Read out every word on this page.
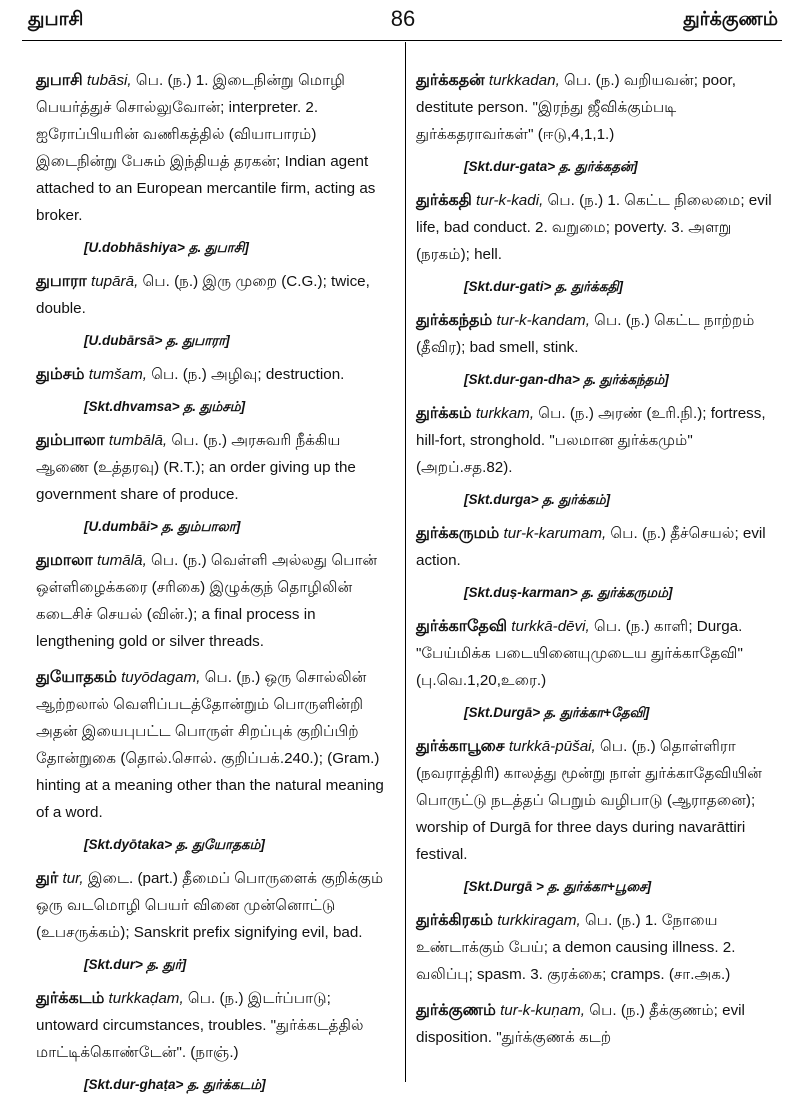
துபாசி	86	துர்க்குணம்
துபாசி tubāsi, பெ. (ந.) 1. இடைநின்று மொழி பெயர்த்துச் சொல்லுவோன்; interpreter. 2. ஐரோப்பியரின் வணிகத்தில் (வியாபாரம்) இடைநின்று பேசும் இந்தியத் தரகன்; Indian agent attached to an European mercantile firm, acting as broker.
[U.dobhāshiya> த. துபாசி]
துபாரா tupārā, பெ. (ந.) இரு முறை (C.G.); twice, double.
[U.dubārsā> த. துபாரா]
தும்சம் tumšam, பெ. (ந.) அழிவு; destruction.
[Skt.dhvamsa> த. தும்சம்]
தும்பாலா tumbālā, பெ. (ந.) அரசுவரி நீக்கிய ஆணை (உத்தரவு) (R.T.); an order giving up the government share of produce.
[U.dumbāi> த. தும்பாலா]
துமாலா tumālā, பெ. (ந.) வெள்ளி அல்லது பொன் ஒள்ளிழைக்கரை (சரிகை) இழுக்குந் தொழிலின் கடைசிச் செயல் (வின்.); a final process in lengthening gold or silver threads.
துயோதகம் tuyōdagam, பெ. (ந.) ஒரு சொல்லின் ஆற்றலால் வெளிப்படத்தோன்றும் பொருளின்றி அதன் இயைபுபட்ட பொருள் சிறப்புக் குறிப்பிற் தோன்றுகை (தொல்.சொல். குறிப்பக்.240.); (Gram.) hinting at a meaning other than the natural meaning of a word.
[Skt.dyōtaka> த. துயோதகம்]
துர் tur, இடை. (part.) தீமைப் பொருளைக் குறிக்கும் ஒரு வடமொழி பெயர் வினை முன்னொட்டு (உபசருக்கம்); Sanskrit prefix signifying evil, bad.
[Skt.dur> த. துர்]
துர்க்கடம் turkkaḍam, பெ. (ந.) இடர்ப்பாடு; untoward circumstances, troubles. "துர்க்கடத்தில் மாட்டிக்கொண்டேன்". (நாஞ்.)
[Skt.dur-ghaṭa> த. துர்க்கடம்]
துர்க்கதன் turkkadan, பெ. (ந.) வறியவன்; poor, destitute person. "இரந்து ஜீவிக்கும்படி துர்க்கதராவர்கள்" (ஈடு,4,1,1.)
[Skt.dur-gata> த. துர்க்கதன்]
துர்க்கதி tur-k-kadi, பெ. (ந.) 1. கெட்ட நிலைமை; evil life, bad conduct. 2. வறுமை; poverty. 3. அளறு (நரகம்); hell.
[Skt.dur-gati> த. துர்க்கதி]
துர்க்கந்தம் tur-k-kandam, பெ. (ந.) கெட்ட நாற்றம் (தீவிர); bad smell, stink.
[Skt.dur-gan-dha> த. துர்க்கந்தம்]
துர்க்கம் turkkam, பெ. (ந.) அரண் (உரி.நி.); fortress, hill-fort, stronghold. "பலமான துர்க்கமும்" (அறப்.சத.82).
[Skt.durga> த. துர்க்கம்]
துர்க்கருமம் tur-k-karumam, பெ. (ந.) தீச்செயல்; evil action.
[Skt.duṣ-karman> த. துர்க்கருமம்]
துர்க்காதேவி turkkā-dēvi, பெ. (ந.) காளி; Durga. "பேய்மிக்க படையினையுமுடைய துர்க்காதேவி" (பு.வெ.1,20,உரை.)
[Skt.Durgā> த. துர்க்கா+தேவி]
துர்க்காபூசை turkkā-pūšai, பெ. (ந.) தொள்ளிரா (நவராத்திரி) காலத்து மூன்று நாள் துர்க்காதேவியின் பொருட்டு நடத்தப் பெறும் வழிபாடு (ஆராதனை); worship of Durgā for three days during navarāttiri festival.
[Skt.Durgā > த. துர்க்கா+பூசை]
துர்க்கிரகம் turkkiragam, பெ. (ந.) 1. நோயை உண்டாக்கும் பேய்; a demon causing illness. 2. வலிப்பு; spasm. 3. குரக்கை; cramps. (சா.அக.)
துர்க்குணம் tur-k-kuṇam, பெ. (ந.) தீக்குணம்; evil disposition. "துர்க்குணக் கடற்
